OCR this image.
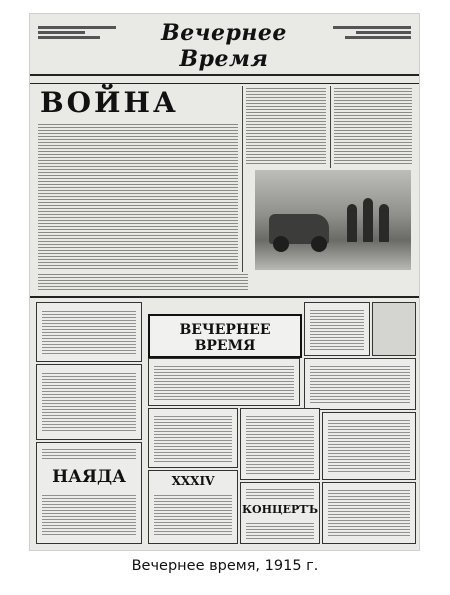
Вечернее Время
ВОЙНА
ВЕЧЕРНЕЕ ВРЕМЯ
НАЯДА	XXXIV
КОНЦЕРТЪ
Вечернее время, 1915 г.
